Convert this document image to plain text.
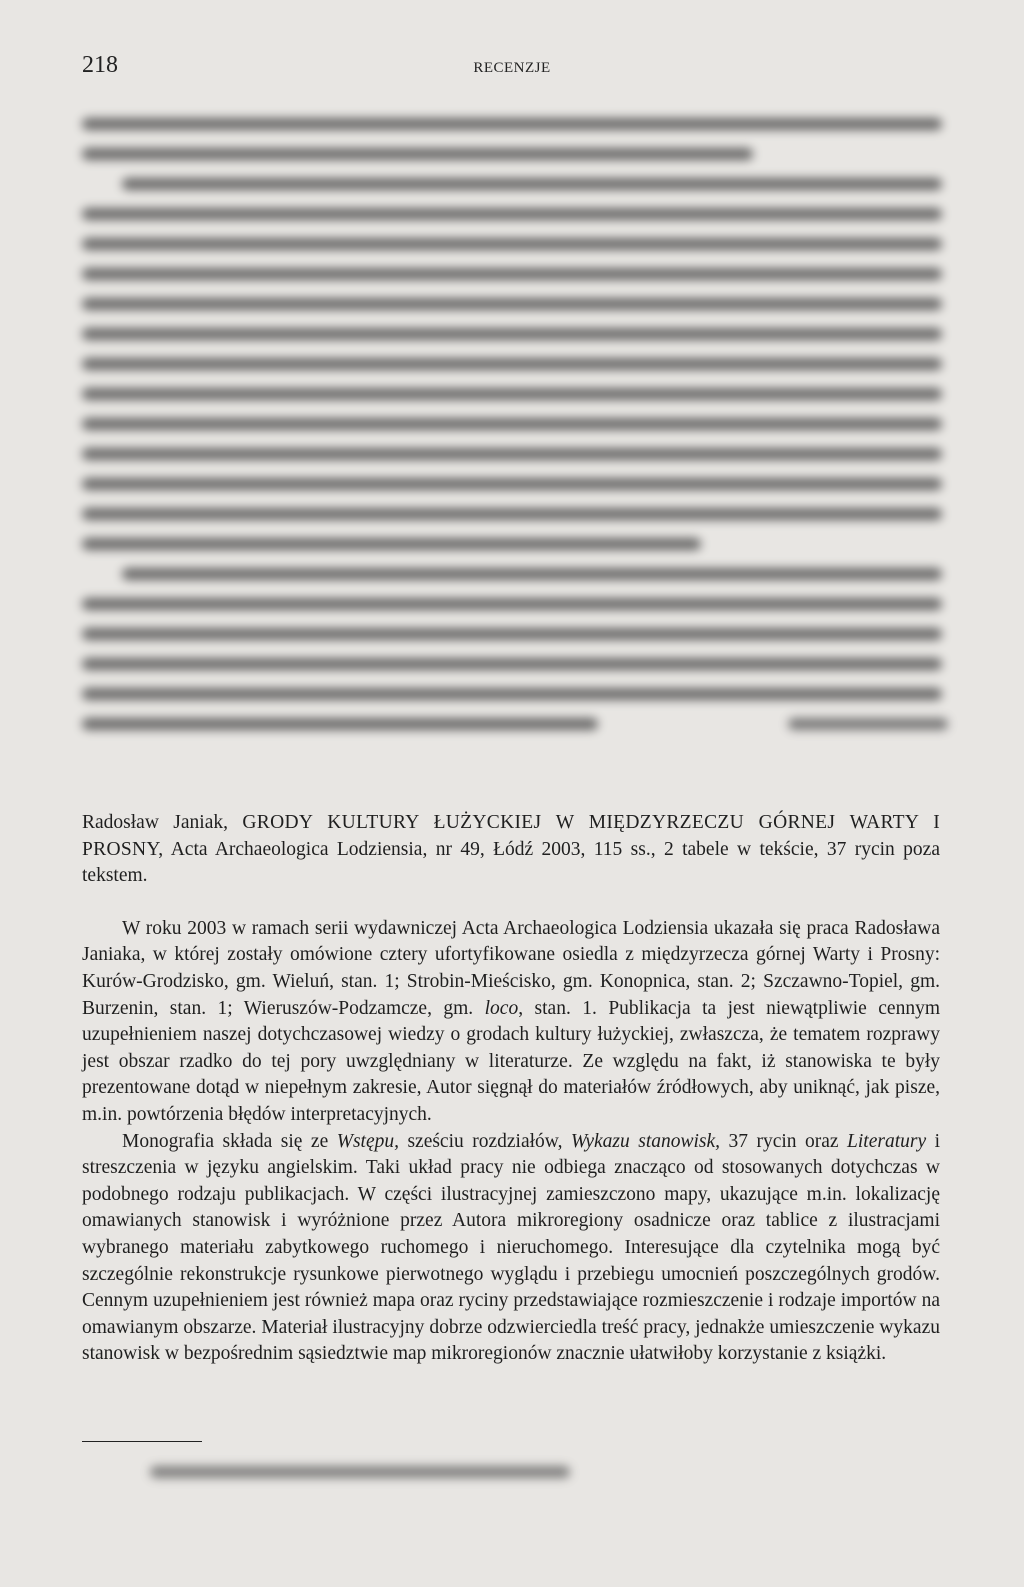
218	RECENZJE

Radosław Janiak, GRODY KULTURY ŁUŻYCKIEJ W MIĘDZYRZECZU GÓRNEJ WARTY I PROSNY, Acta Archaeologica Lodziensia, nr 49, Łódź 2003, 115 ss., 2 tabele w tekście, 37 rycin poza tekstem.

W roku 2003 w ramach serii wydawniczej Acta Archaeologica Lodziensia ukazała się praca Radosława Janiaka, w której zostały omówione cztery ufortyfikowane osiedla z międzyrzecza górnej Warty i Prosny: Kurów-Grodzisko, gm. Wieluń, stan. 1; Strobin-Mieścisko, gm. Konopnica, stan. 2; Szczawno-Topiel, gm. Burzenin, stan. 1; Wieruszów-Podzamcze, gm. loco, stan. 1. Publikacja ta jest niewątpliwie cennym uzupełnieniem naszej dotychczasowej wiedzy o grodach kultury łużyckiej, zwłaszcza, że tematem rozprawy jest obszar rzadko do tej pory uwzględniany w literaturze. Ze względu na fakt, iż stanowiska te były prezentowane dotąd w niepełnym zakresie, Autor sięgnął do materiałów źródłowych, aby uniknąć, jak pisze, m.in. powtórzenia błędów interpretacyjnych.

Monografia składa się ze Wstępu, sześciu rozdziałów, Wykazu stanowisk, 37 rycin oraz Literatury i streszczenia w języku angielskim. Taki układ pracy nie odbiega znacząco od stosowanych dotychczas w podobnego rodzaju publikacjach. W części ilustracyjnej zamieszczono mapy, ukazujące m.in. lokalizację omawianych stanowisk i wyróżnione przez Autora mikroregiony osadnicze oraz tablice z ilustracjami wybranego materiału zabytkowego ruchomego i nieruchomego. Interesujące dla czytelnika mogą być szczególnie rekonstrukcje rysunkowe pierwotnego wyglądu i przebiegu umocnień poszczególnych grodów. Cennym uzupełnieniem jest również mapa oraz ryciny przedstawiające rozmieszczenie i rodzaje importów na omawianym obszarze. Materiał ilustracyjny dobrze odzwierciedla treść pracy, jednakże umieszczenie wykazu stanowisk w bezpośrednim sąsiedztwie map mikroregionów znacznie ułatwiłoby korzystanie z książki.
